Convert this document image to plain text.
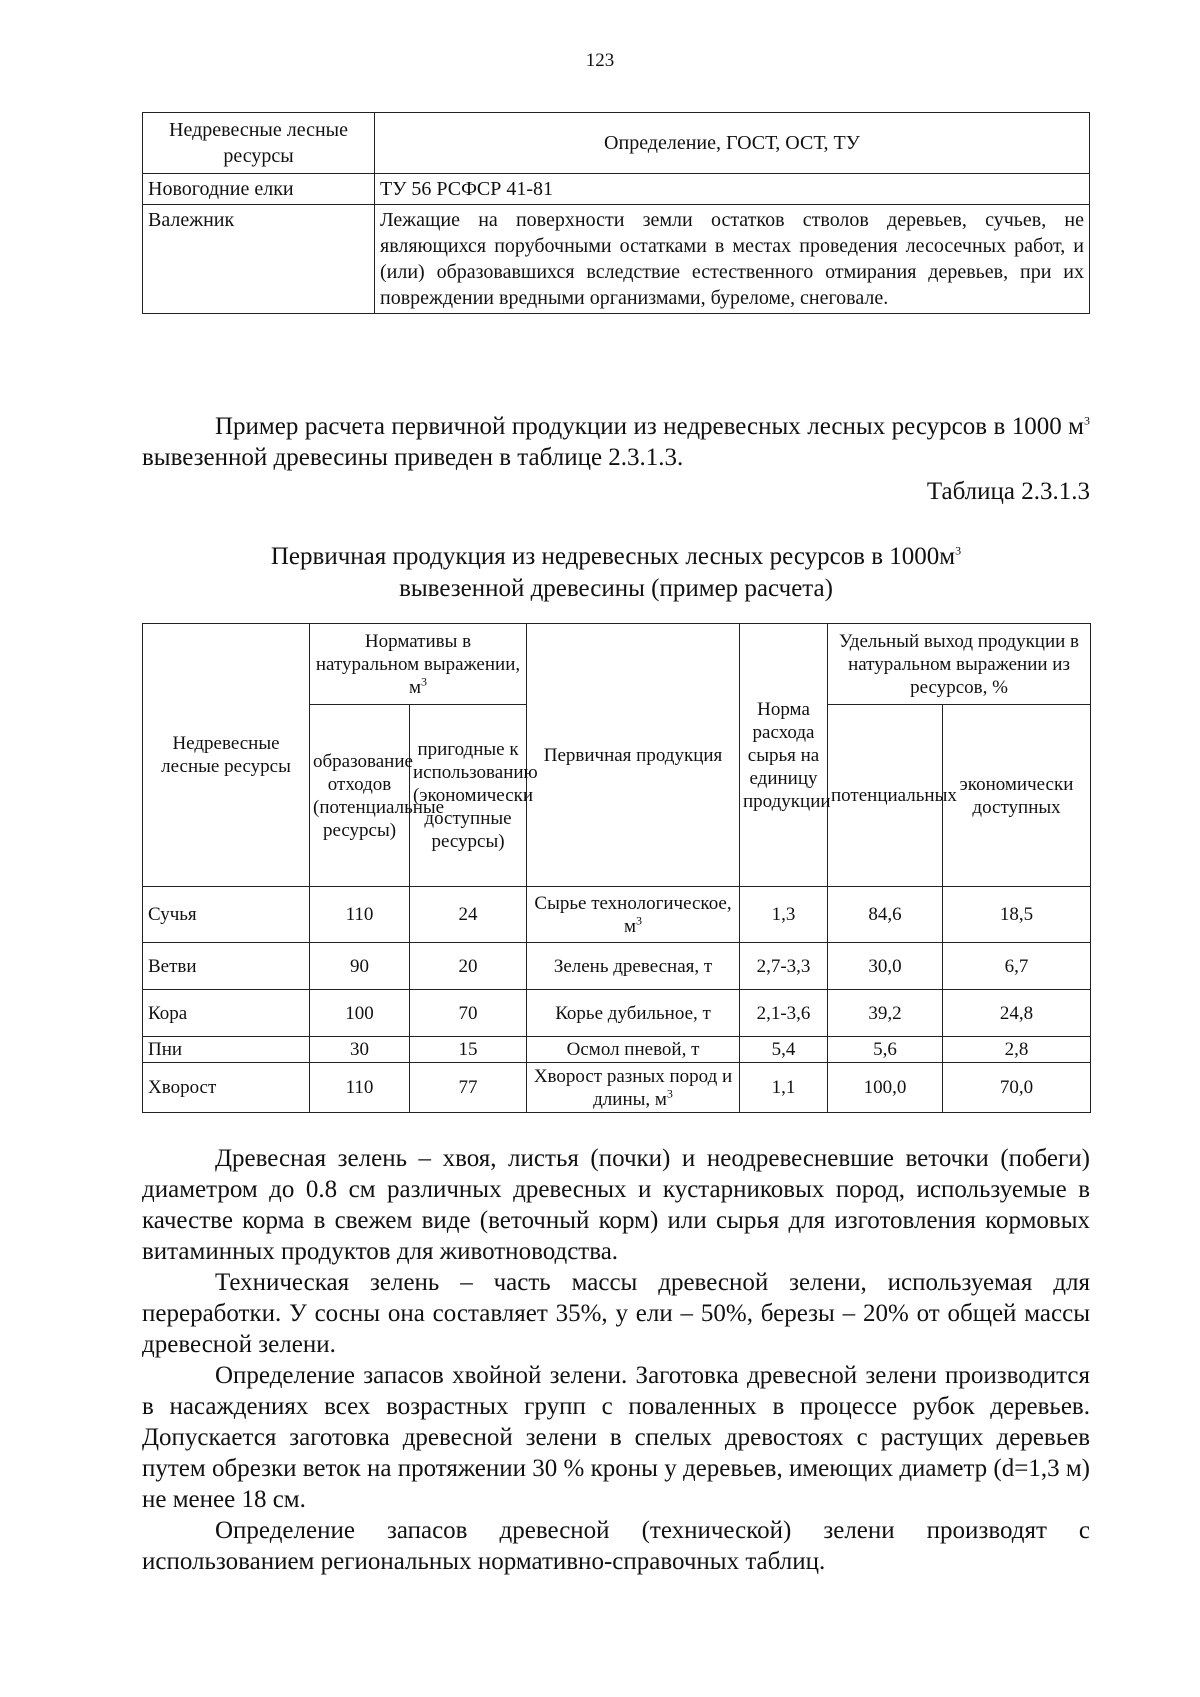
123
Недревесные лесные ресурсы	Определение, ГОСТ, ОСТ, ТУ
Новогодние елки	ТУ 56 РСФСР 41-81
Валежник	Лежащие на поверхности земли остатков стволов деревьев, сучьев, не являющихся порубочными остатками в местах проведения лесосечных работ, и (или) образовавшихся вследствие естественного отмирания деревьев, при их повреждении вредными организмами, буреломе, снеговале.

Пример расчета первичной продукции из недревесных лесных ресурсов в 1000 $м^3$ вывезенной древесины приведен в таблице 2.3.1.3.

Таблица 2.3.1.3
Первичная продукция из недревесных лесных ресурсов в $1000м^3$
вывезенной древесины (пример расчета)
Недревесные лесные ресурсы	Нормативы в натуральном выражении, $м^3$		Первичная продукция	Норма расхода сырья на единицу продукции	Удельный выход продукции в натуральном выражении из ресурсов, %	
	образование отходов (потенциальные ресурсы)	пригодные к использованию (экономически доступные ресурсы)			потенциальных	экономически доступных
Сучья	110	24	Сырье технологическое, $м^3$	1,3	84,6	18,5
Ветви	90	20	Зелень древесная, т	2,7-3,3	30,0	6,7
Кора	100	70	Корье дубильное, т	2,1-3,6	39,2	24,8
Пни	30	15	Осмол пневой, т	5,4	5,6	2,8
Хворост	110	77	Хворост разных пород и длины, $м^3$	1,1	100,0	70,0

Древесная зелень – хвоя, листья (почки) и неодревесневшие веточки (побеги) диаметром до 0.8 см различных древесных и кустарниковых пород, используемые в качестве корма в свежем виде (веточный корм) или сырья для изготовления кормовых витаминных продуктов для животноводства.

Техническая зелень – часть массы древесной зелени, используемая для переработки. У сосны она составляет 35%, у ели – 50%, березы – 20% от общей массы древесной зелени.

Определение запасов хвойной зелени. Заготовка древесной зелени производится в насаждениях всех возрастных групп с поваленных в процессе рубок деревьев. Допускается заготовка древесной зелени в спелых древостоях с растущих деревьев путем обрезки веток на протяжении 30 % кроны у деревьев, имеющих диаметр (d=1,3 м) не менее 18 см.

Определение запасов древесной (технической) зелени производят с использованием региональных нормативно-справочных таблиц.
